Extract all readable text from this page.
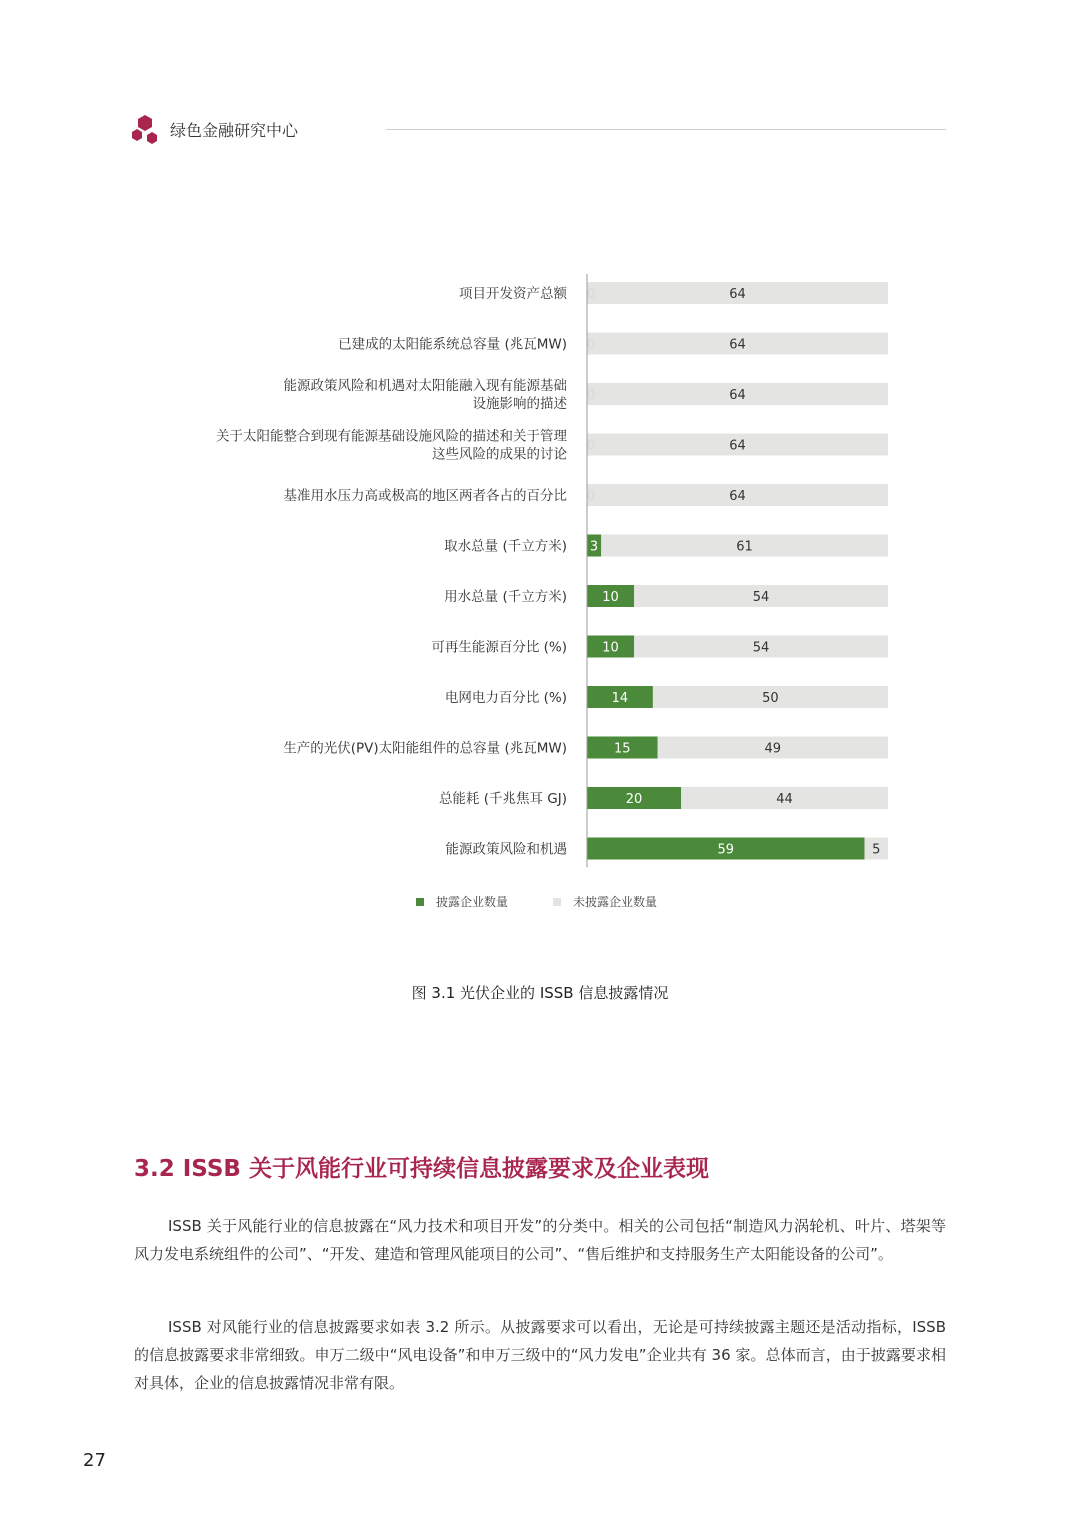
绿色金融研究中心
0	64
项目开发资产总额
0	64
已建成的太阳能系统总容量 (兆瓦MW)
0	64
能源政策风险和机遇对太阳能融入现有能源基础
设施影响的描述
0	64
关于太阳能整合到现有能源基础设施风险的描述和关于管理
这些风险的成果的讨论
0	64
基准用水压力高或极高的地区两者各占的百分比
3	61
取水总量 (千立方米)
10	54
用水总量 (千立方米)
10	54
可再生能源百分比 (%)
14	50
电网电力百分比 (%)
15	49
生产的光伏(PV)太阳能组件的总容量 (兆瓦MW)
20	44
总能耗 (千兆焦耳 GJ)
59	5
能源政策风险和机遇
披露企业数量	未披露企业数量
图 3.1 光伏企业的 ISSB 信息披露情况
3.2 ISSB 关于风能行业可持续信息披露要求及企业表现

ISSB 关于风能行业的信息披露在“风力技术和项目开发”的分类中。相关的公司包括“制造风力涡轮机、叶片、塔架等风力发电系统组件的公司”、“开发、建造和管理风能项目的公司”、“售后维护和支持服务生产太阳能设备的公司”。

ISSB 对风能行业的信息披露要求如表 3.2 所示。从披露要求可以看出，无论是可持续披露主题还是活动指标，ISSB 的信息披露要求非常细致。申万二级中“风电设备”和申万三级中的“风力发电”企业共有 36 家。总体而言，由于披露要求相对具体，企业的信息披露情况非常有限。

27
